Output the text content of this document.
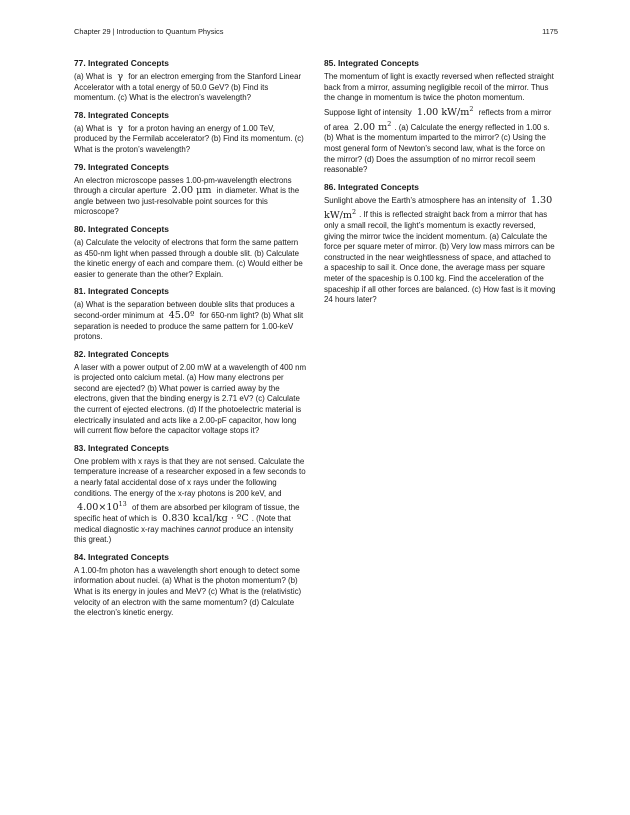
Chapter 29 | Introduction to Quantum Physics	1175
77. Integrated Concepts

(a) What is γ for an electron emerging from the Stanford Linear Accelerator with a total energy of 50.0 GeV? (b) Find its momentum. (c) What is the electron’s wavelength?

78. Integrated Concepts

(a) What is γ for a proton having an energy of 1.00 TeV, produced by the Fermilab accelerator? (b) Find its momentum. (c) What is the proton’s wavelength?

79. Integrated Concepts

An electron microscope passes 1.00-pm-wavelength electrons through a circular aperture 2.00 μm in diameter. What is the angle between two just-resolvable point sources for this microscope?

80. Integrated Concepts

(a) Calculate the velocity of electrons that form the same pattern as 450-nm light when passed through a double slit. (b) Calculate the kinetic energy of each and compare them. (c) Would either be easier to generate than the other? Explain.

81. Integrated Concepts

(a) What is the separation between double slits that produces a second-order minimum at 45.0º for 650-nm light? (b) What slit separation is needed to produce the same pattern for 1.00-keV protons.

82. Integrated Concepts

A laser with a power output of 2.00 mW at a wavelength of 400 nm is projected onto calcium metal. (a) How many electrons per second are ejected? (b) What power is carried away by the electrons, given that the binding energy is 2.71 eV? (c) Calculate the current of ejected electrons. (d) If the photoelectric material is electrically insulated and acts like a 2.00-pF capacitor, how long will current flow before the capacitor voltage stops it?

83. Integrated Concepts

One problem with x rays is that they are not sensed. Calculate the temperature increase of a researcher exposed in a few seconds to a nearly fatal accidental dose of x rays under the following conditions. The energy of the x-ray photons is 200 keV, and $4.00\times 10^{13}$ of them are absorbed per kilogram of tissue, the specific heat of which is 0.830 kcal/kg · ºC . (Note that medical diagnostic x-ray machines cannot produce an intensity this great.)

84. Integrated Concepts

A 1.00-fm photon has a wavelength short enough to detect some information about nuclei. (a) What is the photon momentum? (b) What is its energy in joules and MeV? (c) What is the (relativistic) velocity of an electron with the same momentum? (d) Calculate the electron’s kinetic energy.

85. Integrated Concepts

The momentum of light is exactly reversed when reflected straight back from a mirror, assuming negligible recoil of the mirror. Thus the change in momentum is twice the photon momentum. Suppose light of intensity 1.00 $kW/m^2$ reflects from a mirror of area 2.00 $m^2$ . (a) Calculate the energy reflected in 1.00 s. (b) What is the momentum imparted to the mirror? (c) Using the most general form of Newton’s second law, what is the force on the mirror? (d) Does the assumption of no mirror recoil seem reasonable?

86. Integrated Concepts

Sunlight above the Earth’s atmosphere has an intensity of 1.30 $kW/m^2$ . If this is reflected straight back from a mirror that has only a small recoil, the light’s momentum is exactly reversed, giving the mirror twice the incident momentum. (a) Calculate the force per square meter of mirror. (b) Very low mass mirrors can be constructed in the near weightlessness of space, and attached to a spaceship to sail it. Once done, the average mass per square meter of the spaceship is 0.100 kg. Find the acceleration of the spaceship if all other forces are balanced. (c) How fast is it moving 24 hours later?
